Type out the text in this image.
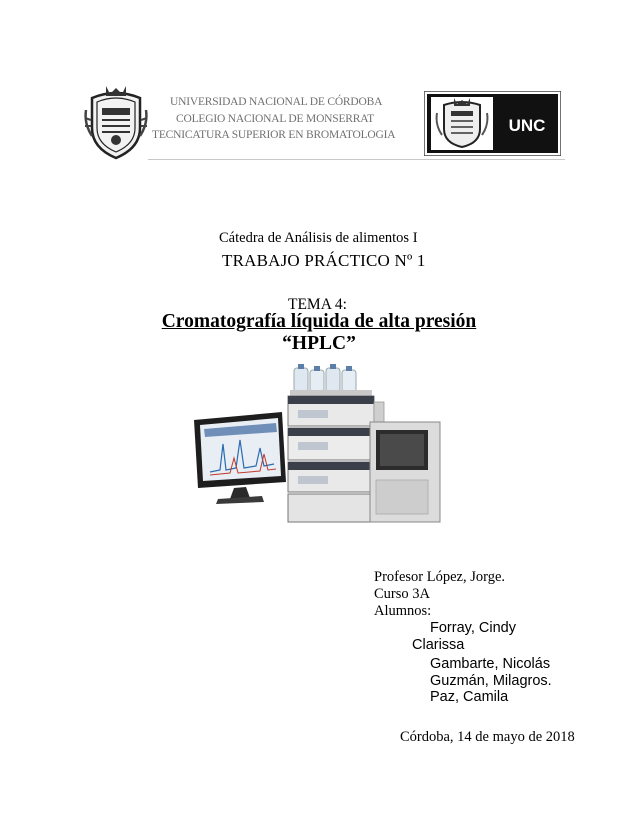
UNIVERSIDAD NACIONAL DE CÓRDOBA
COLEGIO NACIONAL DE MONSERRAT
TECNICATURA SUPERIOR EN BROMATOLOGIA	UNC
Cátedra de Análisis de alimentos I
TRABAJO PRÁCTICO Nº 1
TEMA 4:
Cromatografía líquida de alta presión
“HPLC”
Profesor López, Jorge.
Curso 3A
Alumnos:
Forray, Cindy
Clarissa
Gambarte, Nicolás
Guzmán, Milagros.
Paz, Camila
Córdoba, 14 de mayo de 2018
